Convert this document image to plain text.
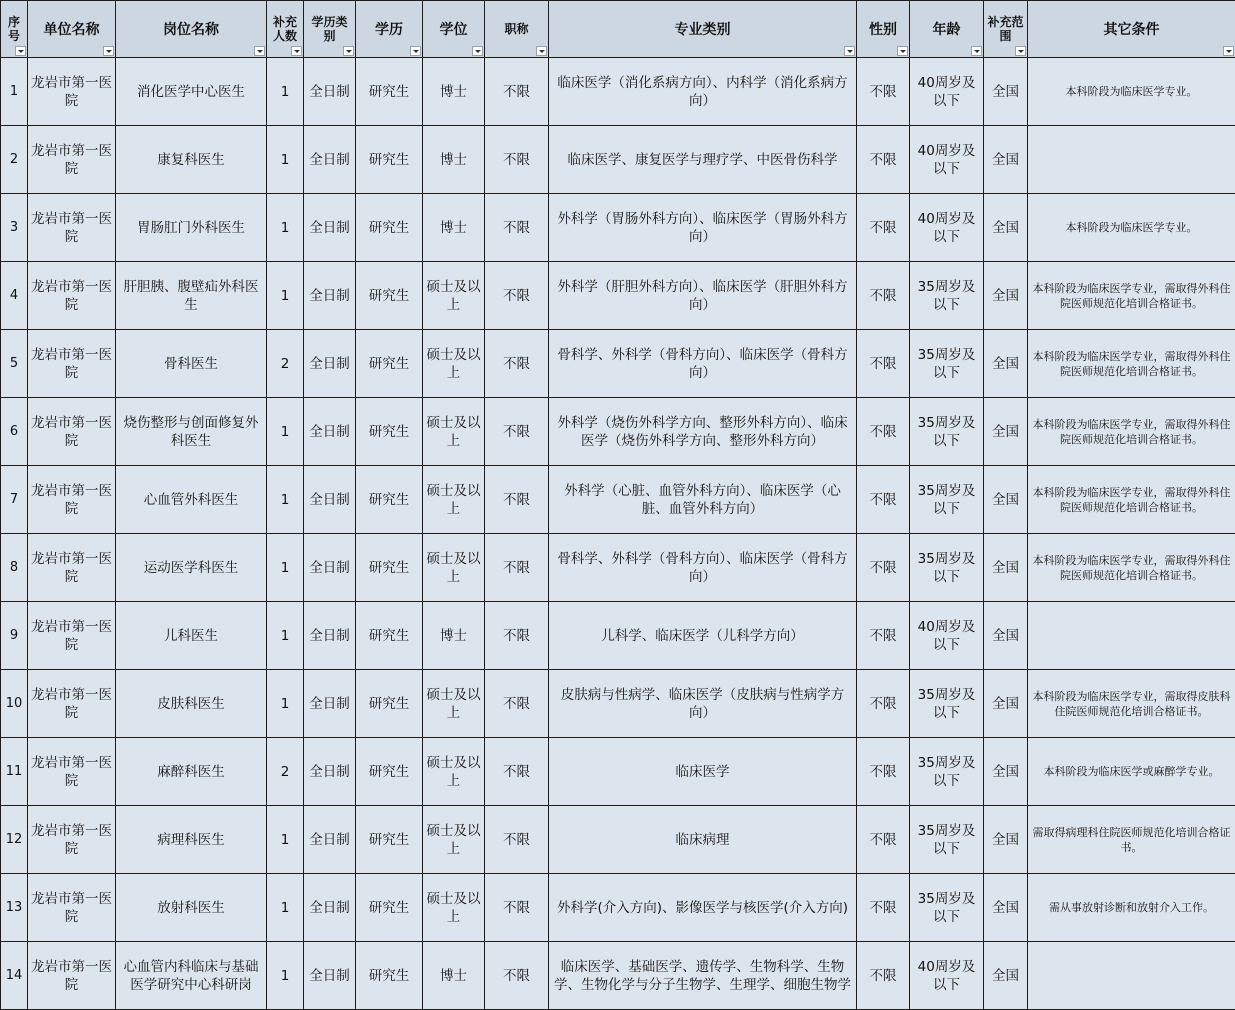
序号	单位名称	岗位名称	补充人数	学历类别	学历	学位	职称	专业类别	性别	年龄	补充范围	其它条件

1	龙岩市第一医院	消化医学中心医生	1	全日制	研究生	博士	不限	临床医学（消化系病方向）、内科学（消化系病方向）	不限	40周岁及以下	全国	本科阶段为临床医学专业。
2	龙岩市第一医院	康复科医生	1	全日制	研究生	博士	不限	临床医学、康复医学与理疗学、中医骨伤科学	不限	40周岁及以下	全国	
3	龙岩市第一医院	胃肠肛门外科医生	1	全日制	研究生	博士	不限	外科学（胃肠外科方向）、临床医学（胃肠外科方向）	不限	40周岁及以下	全国	本科阶段为临床医学专业。
4	龙岩市第一医院	肝胆胰、腹壁疝外科医生	1	全日制	研究生	硕士及以上	不限	外科学（肝胆外科方向）、临床医学（肝胆外科方向）	不限	35周岁及以下	全国	本科阶段为临床医学专业，需取得外科住院医师规范化培训合格证书。
5	龙岩市第一医院	骨科医生	2	全日制	研究生	硕士及以上	不限	骨科学、外科学（骨科方向）、临床医学（骨科方向）	不限	35周岁及以下	全国	本科阶段为临床医学专业，需取得外科住院医师规范化培训合格证书。
6	龙岩市第一医院	烧伤整形与创面修复外科医生	1	全日制	研究生	硕士及以上	不限	外科学（烧伤外科学方向、整形外科方向）、临床医学（烧伤外科学方向、整形外科方向）	不限	35周岁及以下	全国	本科阶段为临床医学专业，需取得外科住院医师规范化培训合格证书。
7	龙岩市第一医院	心血管外科医生	1	全日制	研究生	硕士及以上	不限	外科学（心脏、血管外科方向）、临床医学（心脏、血管外科方向）	不限	35周岁及以下	全国	本科阶段为临床医学专业，需取得外科住院医师规范化培训合格证书。
8	龙岩市第一医院	运动医学科医生	1	全日制	研究生	硕士及以上	不限	骨科学、外科学（骨科方向）、临床医学（骨科方向）	不限	35周岁及以下	全国	本科阶段为临床医学专业，需取得外科住院医师规范化培训合格证书。
9	龙岩市第一医院	儿科医生	1	全日制	研究生	博士	不限	儿科学、临床医学（儿科学方向）	不限	40周岁及以下	全国	
10	龙岩市第一医院	皮肤科医生	1	全日制	研究生	硕士及以上	不限	皮肤病与性病学、临床医学（皮肤病与性病学方向）	不限	35周岁及以下	全国	本科阶段为临床医学专业，需取得皮肤科住院医师规范化培训合格证书。
11	龙岩市第一医院	麻醉科医生	2	全日制	研究生	硕士及以上	不限	临床医学	不限	35周岁及以下	全国	本科阶段为临床医学或麻醉学专业。
12	龙岩市第一医院	病理科医生	1	全日制	研究生	硕士及以上	不限	临床病理	不限	35周岁及以下	全国	需取得病理科住院医师规范化培训合格证书。
13	龙岩市第一医院	放射科医生	1	全日制	研究生	硕士及以上	不限	外科学(介入方向)、影像医学与核医学(介入方向)	不限	35周岁及以下	全国	需从事放射诊断和放射介入工作。
14	龙岩市第一医院	心血管内科临床与基础医学研究中心科研岗	1	全日制	研究生	博士	不限	临床医学、基础医学、遗传学、生物科学、生物学、生物化学与分子生物学、生理学、细胞生物学	不限	40周岁及以下	全国	
